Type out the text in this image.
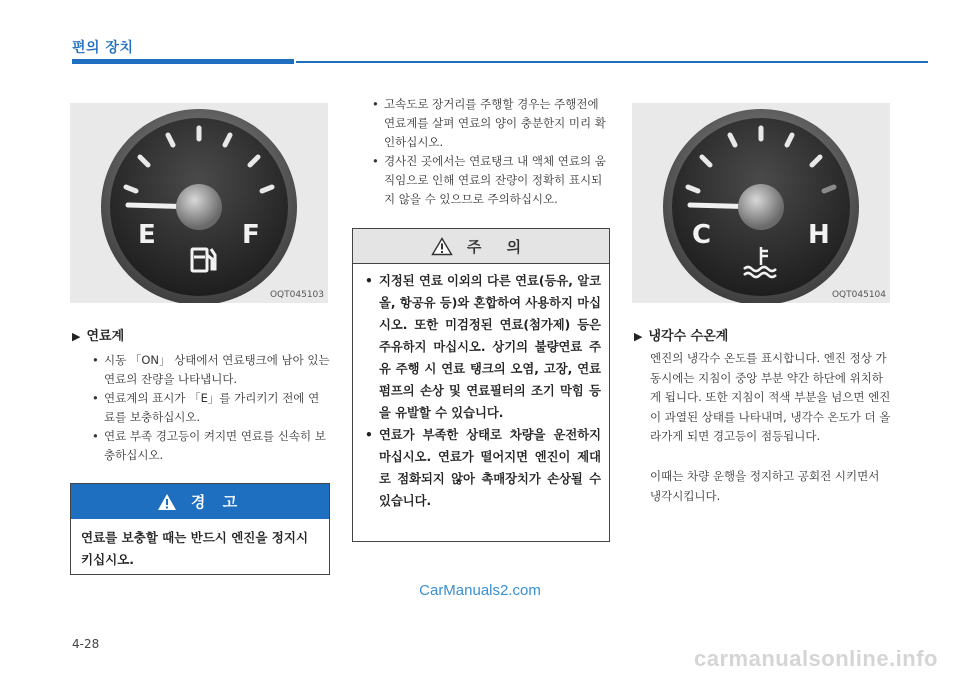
편의 장치
E	F
OQT045103
▶ 연료계
• 시동 「ON」 상태에서 연료탱크에 남아 있는 연료의 잔량을 나타냅니다.
• 연료계의 표시가 「E」를 가리키기 전에 연료를 보충하십시오.
• 연료 부족 경고등이 켜지면 연료를 신속히 보충하십시오.
경 고
연료를 보충할 때는 반드시 엔진을 정지시키십시오.
• 고속도로 장거리를 주행할 경우는 주행전에 연료계를 살펴 연료의 양이 충분한지 미리 확인하십시오.
• 경사진 곳에서는 연료탱크 내 액체 연료의 움직임으로 인해 연료의 잔량이 정확히 표시되지 않을 수 있으므로 주의하십시오.
주 의
• 지정된 연료 이외의 다른 연료(등유, 알코올, 항공유 등)와 혼합하여 사용하지 마십시오. 또한 미검정된 연료(첨가제) 등은 주유하지 마십시오. 상기의 불량연료 주유 주행 시 연료 탱크의 오염, 고장, 연료 펌프의 손상 및 연료필터의 조기 막힘 등을 유발할 수 있습니다.
• 연료가 부족한 상태로 차량을 운전하지 마십시오. 연료가 떨어지면 엔진이 제대로 점화되지 않아 촉매장치가 손상될 수 있습니다.
C	H
OQT045104
▶ 냉각수 수온계
엔진의 냉각수 온도를 표시합니다. 엔진 정상 가동시에는 지침이 중앙 부분 약간 하단에 위치하게 됩니다. 또한 지침이 적색 부분을 넘으면 엔진이 과열된 상태를 나타내며, 냉각수 온도가 더 올라가게 되면 경고등이 점등됩니다.
이때는 차량 운행을 정지하고 공회전 시키면서 냉각시킵니다.
CarManuals2.com
4-28
carmanualsonline.info
